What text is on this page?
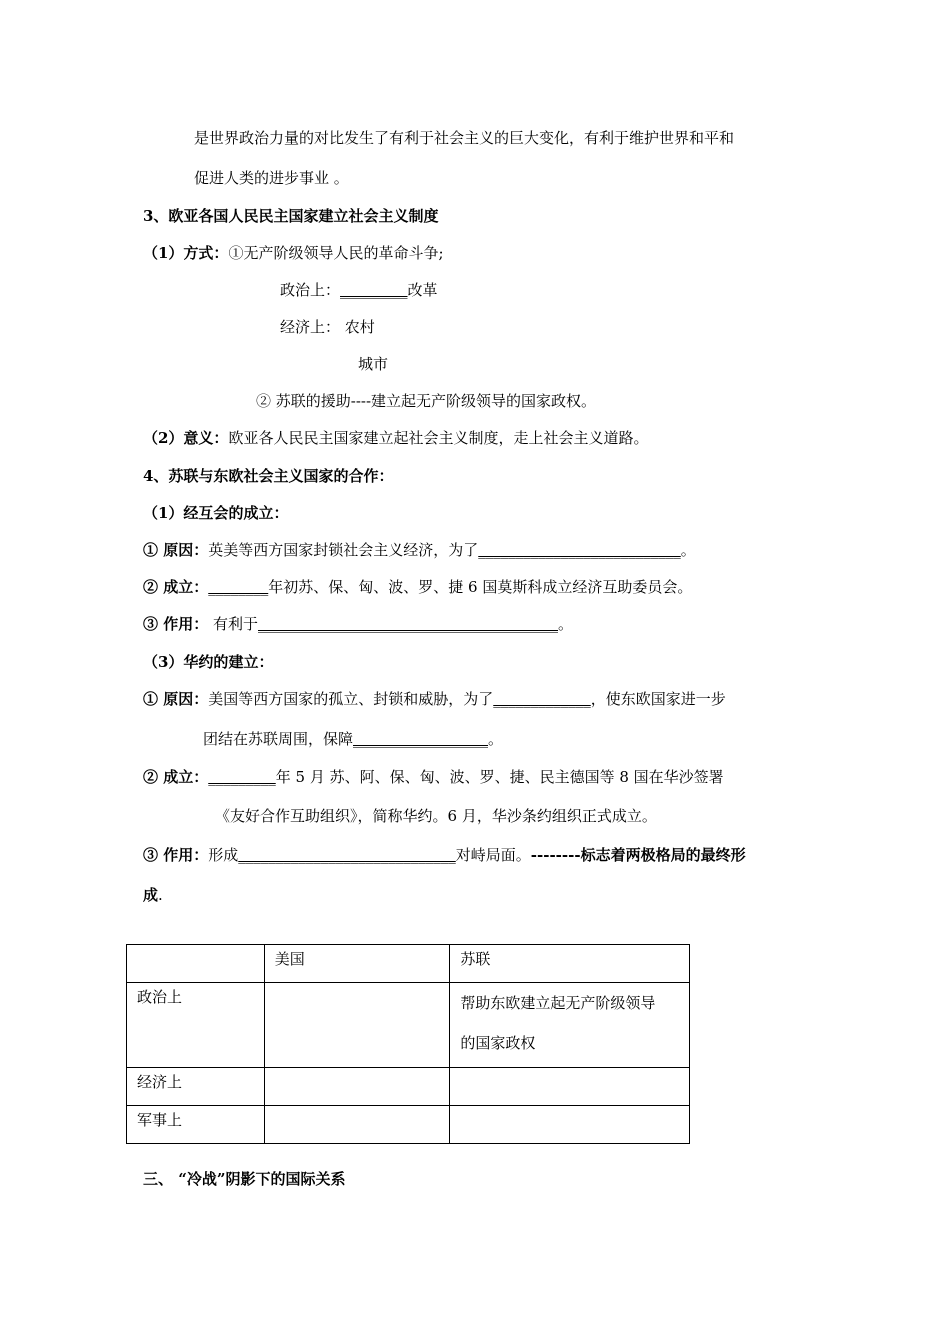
是世界政治力量的对比发生了有利于社会主义的巨大变化，有利于维护世界和平和
促进人类的进步事业 。
3、欧亚各国人民民主国家建立社会主义制度
（1）方式：①无产阶级领导人民的革命斗争;
政治上：_________改革
经济上： 农村
城市
② 苏联的援助----建立起无产阶级领导的国家政权。
（2）意义：欧亚各人民民主国家建立起社会主义制度，走上社会主义道路。
4、苏联与东欧社会主义国家的合作：
（1）经互会的成立：
① 原因：英美等西方国家封锁社会主义经济，为了___________________________。
② 成立：________年初苏、保、匈、波、罗、捷 6 国莫斯科成立经济互助委员会。
③ 作用： 有利于________________________________________。
（3）华约的建立：
① 原因：美国等西方国家的孤立、封锁和威胁，为了_____________，使东欧国家进一步
团结在苏联周围，保障__________________。
② 成立：_________年 5 月 苏、阿、保、匈、波、罗、捷、民主德国等 8 国在华沙签署
《友好合作互助组织》，简称华约。6 月，华沙条约组织正式成立。
③ 作用：形成_____________________________对峙局面。--------标志着两极格局的最终形
成.
	美国	苏联
政治上		帮助东欧建立起无产阶级领导
的国家政权

经济上		
军事上		
三、 “冷战”阴影下的国际关系
